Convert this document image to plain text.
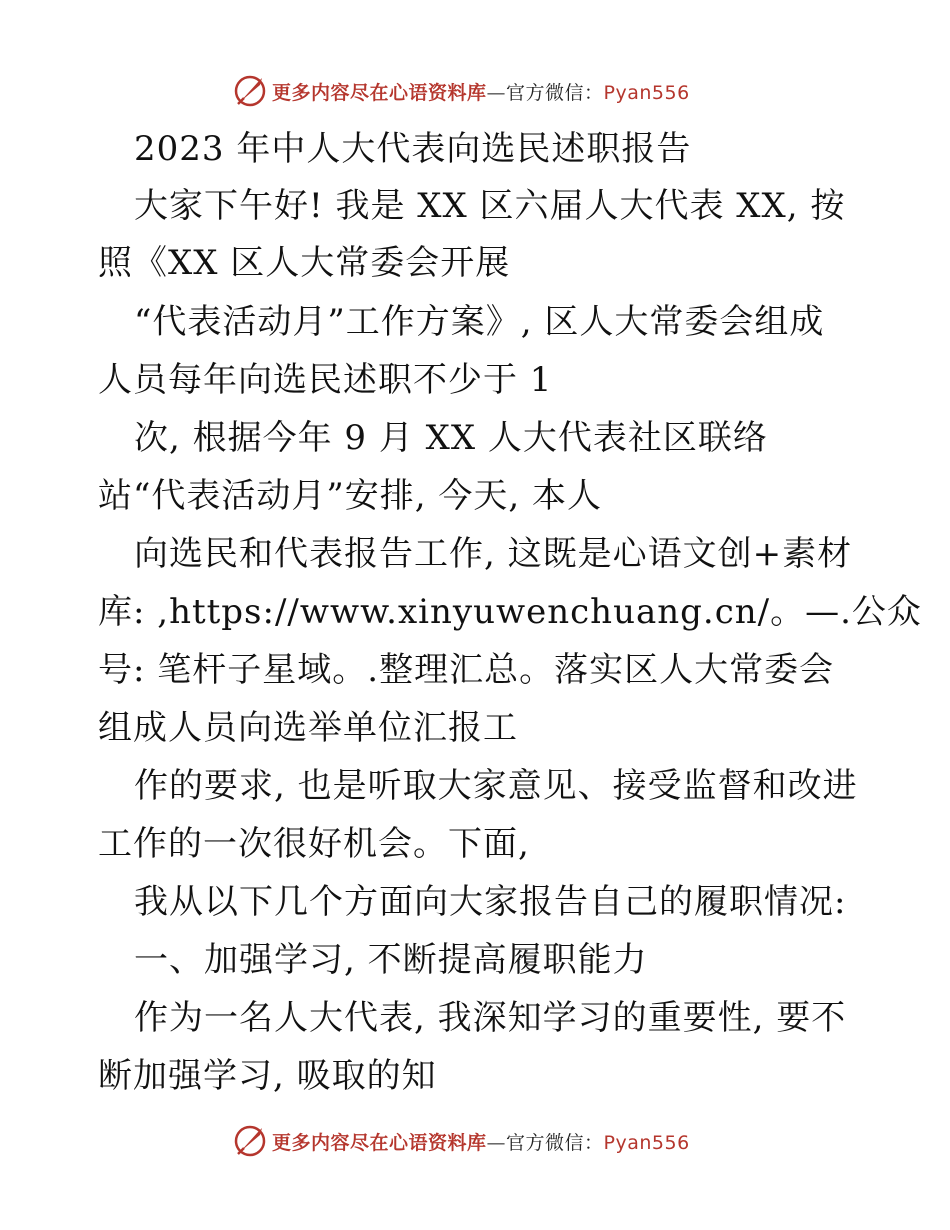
更多内容尽在心语资料库—官方微信：Pyan556
2023 年中人大代表向选民述职报告
大家下午好! 我是 XX 区六届人大代表 XX, 按
照《XX 区人大常委会开展
“代表活动月”工作方案》, 区人大常委会组成
人员每年向选民述职不少于 1
次, 根据今年 9 月 XX 人大代表社区联络
站“代表活动月”安排, 今天, 本人
向选民和代表报告工作, 这既是心语文创+素材
库: ,https://www.xinyuwenchuang.cn/。—.公众
号: 笔杆子星域。.整理汇总。落实区人大常委会
组成人员向选举单位汇报工
作的要求, 也是听取大家意见、接受监督和改进
工作的一次很好机会。下面,
我从以下几个方面向大家报告自己的履职情况:
一、加强学习, 不断提高履职能力
作为一名人大代表, 我深知学习的重要性, 要不
断加强学习, 吸取的知
更多内容尽在心语资料库—官方微信：Pyan556
